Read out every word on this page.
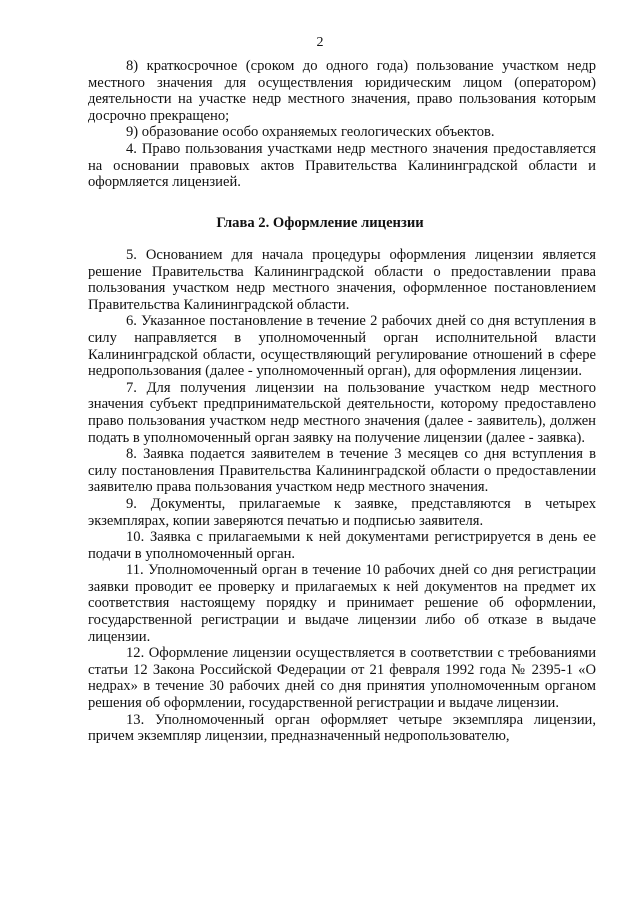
2

8) краткосрочное (сроком до одного года) пользование участком недр местного значения для осуществления юридическим лицом (оператором) деятельности на участке недр местного значения, право пользования которым досрочно прекращено;

9) образование особо охраняемых геологических объектов.

4. Право пользования участками недр местного значения предоставляется на основании правовых актов Правительства Калининградской области и оформляется лицензией.

Глава 2. Оформление лицензии

5. Основанием для начала процедуры оформления лицензии является решение Правительства Калининградской области о предоставлении права пользования участком недр местного значения, оформленное постановлением Правительства Калининградской области.

6. Указанное постановление в течение 2 рабочих дней со дня вступления в силу направляется в уполномоченный орган исполнительной власти Калининградской области, осуществляющий регулирование отношений в сфере недропользования (далее - уполномоченный орган), для оформления лицензии.

7. Для получения лицензии на пользование участком недр местного значения субъект предпринимательской деятельности, которому предоставлено право пользования участком недр местного значения (далее - заявитель), должен подать в уполномоченный орган заявку на получение лицензии (далее - заявка).

8. Заявка подается заявителем в течение 3 месяцев со дня вступления в силу постановления Правительства Калининградской области о предоставлении заявителю права пользования участком недр местного значения.

9. Документы, прилагаемые к заявке, представляются в четырех экземплярах, копии заверяются печатью и подписью заявителя.

10. Заявка с прилагаемыми к ней документами регистрируется в день ее подачи в уполномоченный орган.

11. Уполномоченный орган в течение 10 рабочих дней со дня регистрации заявки проводит ее проверку и прилагаемых к ней документов на предмет их соответствия настоящему порядку и принимает решение об оформлении, государственной регистрации и выдаче лицензии либо об отказе в выдаче лицензии.

12. Оформление лицензии осуществляется в соответствии с требованиями статьи 12 Закона Российской Федерации от 21 февраля 1992 года № 2395-1 «О недрах» в течение 30 рабочих дней со дня принятия уполномоченным органом решения об оформлении, государственной регистрации и выдаче лицензии.

13. Уполномоченный орган оформляет четыре экземпляра лицензии, причем экземпляр лицензии, предназначенный недропользователю,
